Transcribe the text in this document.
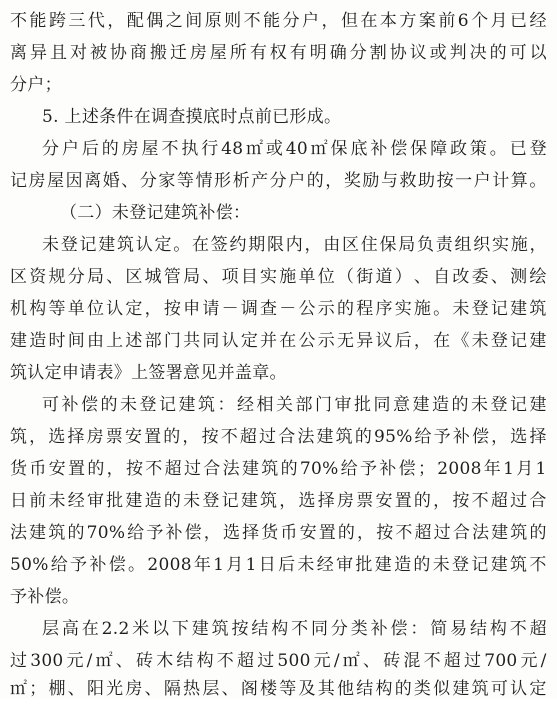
不 能 跨 三 代 ， 配 偶 之 间 原 则 不 能 分 户 ， 但 在 本 方 案 前 6 个 月 已 经
离 异 且 对 被 协 商 搬 迁 房 屋 所 有 权 有 明 确 分 割 协 议 或 判 决 的 可 以
分户；
5. 上述条件在调查摸底时点前已形成。
分 户 后 的 房 屋 不 执 行 48 ㎡ 或 40 ㎡ 保 底 补 偿 保 障 政 策 。 已 登
记 房 屋 因 离 婚 、 分 家 等 情 形 析 产 分 户 的 ， 奖 励 与 救 助 按 一 户 计 算 。
（二）未登记建筑补偿：
未 登 记 建 筑 认 定 。 在 签 约 期 限 内 ， 由 区 住 保 局 负 责 组 织 实 施 ，
区 资 规 分 局 、 区 城 管 局 、 项 目 实 施 单 位 （ 街 道 ） 、 自 改 委 、 测 绘
机 构 等 单 位 认 定 ， 按 申 请 － 调 查 － 公 示 的 程 序 实 施 。 未 登 记 建 筑
建 造 时 间 由 上 述 部 门 共 同 认 定 并 在 公 示 无 异 议 后 ， 在 《 未 登 记 建
筑认定申请表》上签署意见并盖章。
可 补 偿 的 未 登 记 建 筑 ： 经 相 关 部 门 审 批 同 意 建 造 的 未 登 记 建
筑 ， 选 择 房 票 安 置 的 ， 按 不 超 过 合 法 建 筑 的 95% 给 予 补 偿 ， 选 择
货 币 安 置 的 ， 按 不 超 过 合 法 建 筑 的 70% 给 予 补 偿 ； 2008 年 1 月 1
日 前 未 经 审 批 建 造 的 未 登 记 建 筑 ， 选 择 房 票 安 置 的 ， 按 不 超 过 合
法 建 筑 的 70% 给 予 补 偿 ， 选 择 货 币 安 置 的 ， 按 不 超 过 合 法 建 筑 的
50% 给 予 补 偿 。 2008 年 1 月 1 日 后 未 经 审 批 建 造 的 未 登 记 建 筑 不
予补偿。
层 高 在 2.2 米 以 下 建 筑 按 结 构 不 同 分 类 补 偿 ： 简 易 结 构 不 超
过 300 元 / ㎡ 、 砖 木 结 构 不 超 过 500 元 / ㎡ 、 砖 混 不 超 过 700 元 /
㎡ ； 棚 、 阳 光 房 、 隔 热 层 、 阁 楼 等 及 其 他 结 构 的 类 似 建 筑 可 认 定
